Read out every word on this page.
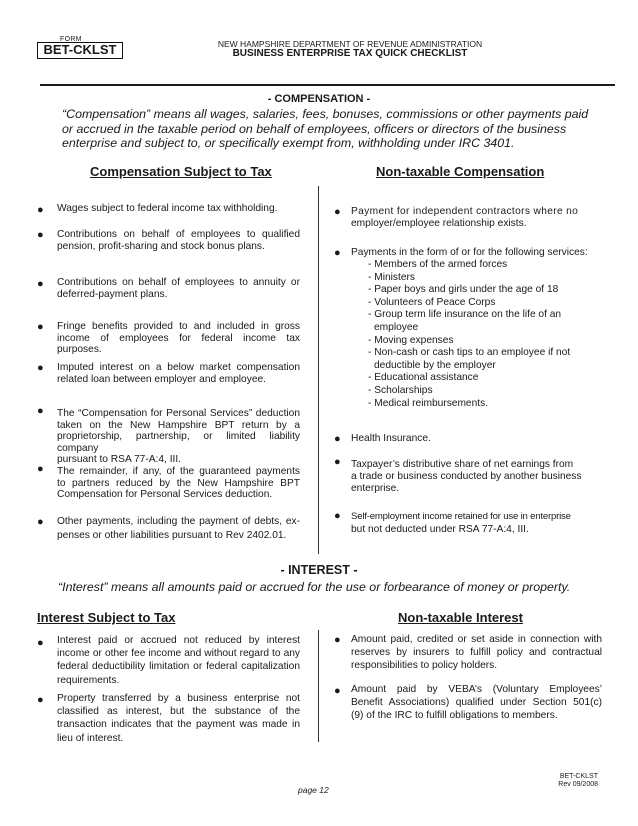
FORM
BET-CKLST	NEW HAMPSHIRE DEPARTMENT OF REVENUE ADMINISTRATION
BUSINESS ENTERPRISE TAX QUICK CHECKLIST
- COMPENSATION -
“Compensation” means all wages, salaries, fees, bonuses, commissions or other payments paid
or accrued in the taxable period on behalf of employees, officers or directors of the business
enterprise and subject to, or specifically exempt from, withholding under IRC 3401.
Compensation Subject to Tax	Non-taxable Compensation
● Wages subject to federal income tax withholding.
● Contributions on behalf of employees to qualified
pension, profit-sharing and stock bonus plans.
● Contributions on behalf of employees to annuity or
deferred-payment plans.
● Fringe benefits provided to and included in gross
income of employees for federal income tax
purposes.
● Imputed interest on a below market compensation
related loan between employer and employee.
● The “Compensation for Personal Services” deduction
taken on the New Hampshire BPT return by a
proprietorship, partnership, or limited liability company
pursuant to RSA 77-A:4, III.
● The remainder, if any, of the guaranteed payments
to partners reduced by the New Hampshire BPT
Compensation for Personal Services deduction.
● Other payments, including the payment of debts, ex-
penses or other liabilities pursuant to Rev 2402.01.
● Payment for independent contractors where no
employer/employee relationship exists.
● Payments in the form of or for the following services:
- Members of the armed forces
- Ministers
- Paper boys and girls under the age of 18
- Volunteers of Peace Corps
- Group term life insurance on the life of an
employee
- Moving expenses
- Non-cash or cash tips to an employee if not
deductible by the employer
- Educational assistance
- Scholarships
- Medical reimbursements.
● Health Insurance.
● Taxpayer’s distributive share of net earnings from
a trade or business conducted by another business
enterprise.
● Self-employment income retained for use in enterprise
but not deducted under RSA 77-A:4, III.
- INTEREST -
“Interest” means all amounts paid or accrued for the use or forbearance of money or property.
Interest Subject to Tax	Non-taxable Interest
● Interest paid or accrued not reduced by interest
income or other fee income and without regard to any
federal deductibility limitation or federal capitalization
requirements.
● Property transferred by a business enterprise not
classified as interest, but the substance of the
transaction indicates that the payment was made in
lieu of interest.
● Amount paid, credited or set aside in connection with
reserves by insurers to fulfill policy and contractual
responsibilities to policy holders.
● Amount paid by VEBA’s (Voluntary Employees’
Benefit Associations) qualified under Section 501(c)
(9) of the IRC to fulfill obligations to members.
page 12
BET-CKLST
Rev 09/2008
